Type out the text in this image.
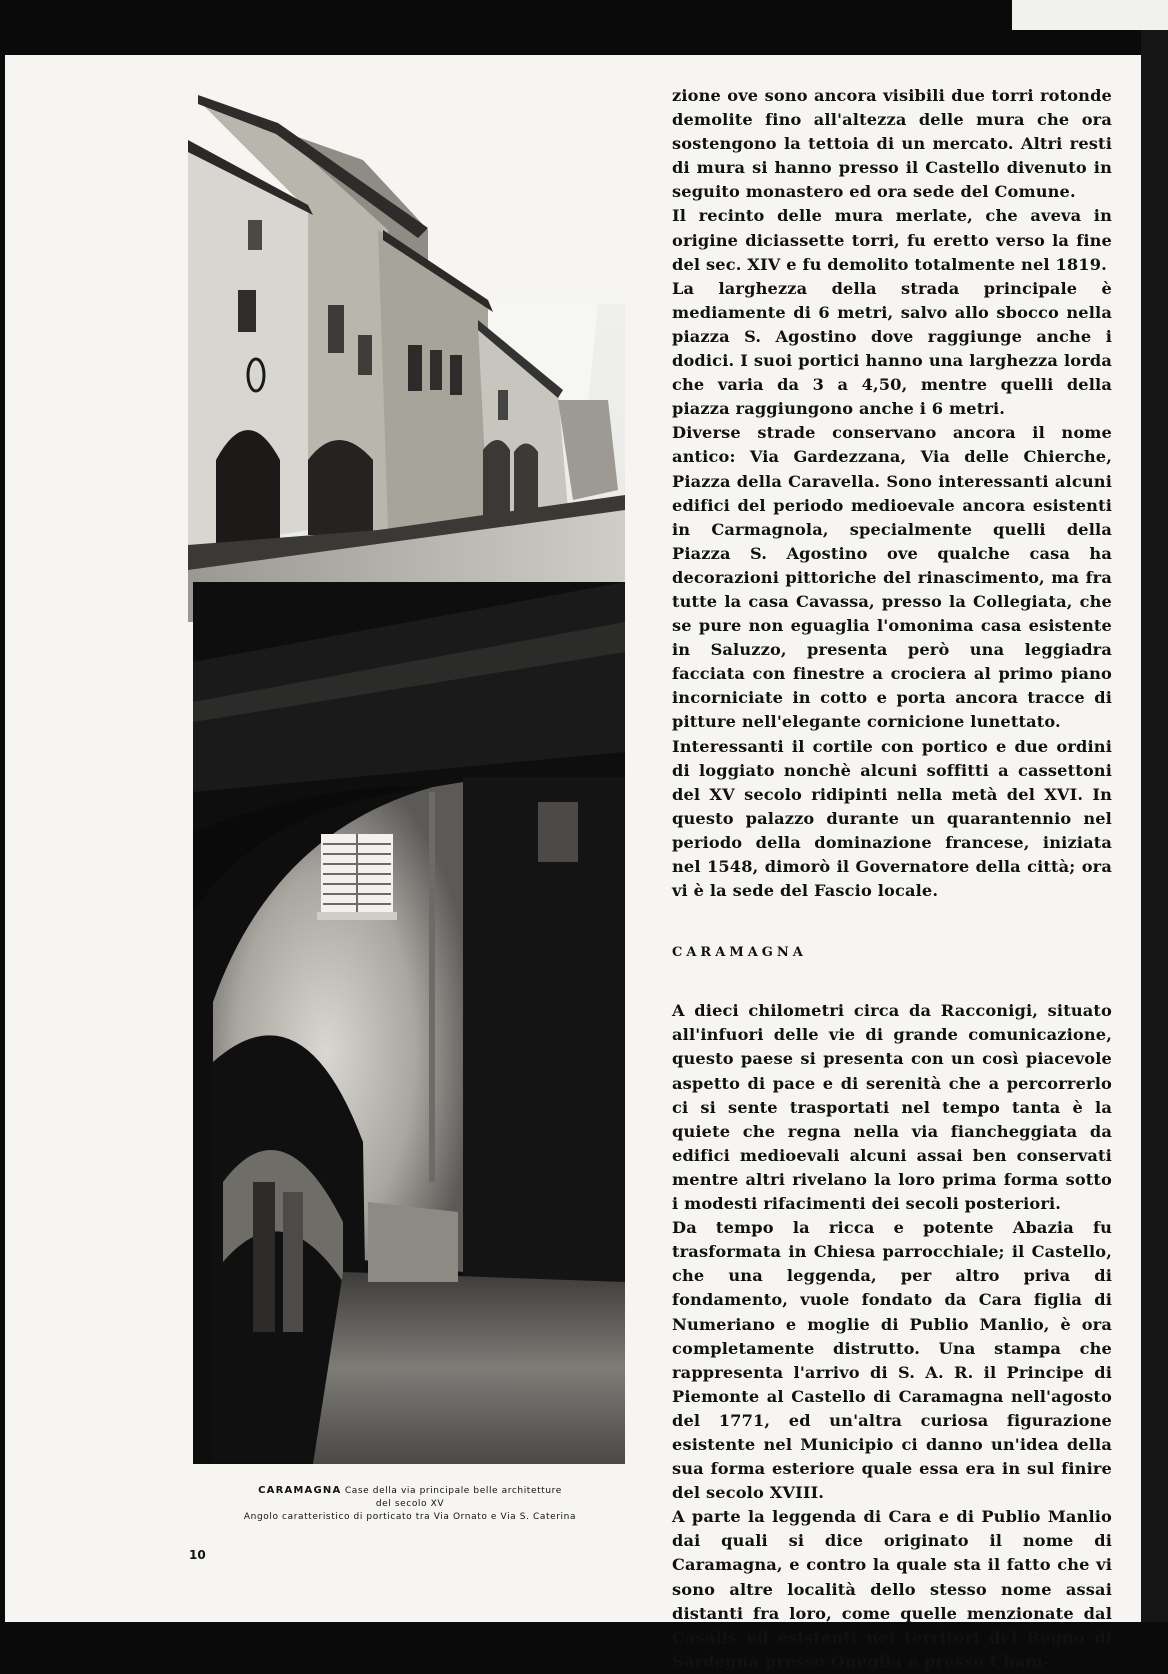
CARAMAGNA Case della via principale belle architetture
del secolo XV
Angolo caratteristico di porticato tra Via Ornato e Via S. Caterina
10

zione ove sono ancora visibili due torri rotonde demolite fino all'altezza delle mura che ora sostengono la tettoia di un mercato. Altri resti di mura si hanno presso il Castello divenuto in seguito monastero ed ora sede del Comune.

Il recinto delle mura merlate, che aveva in origine diciassette torri, fu eretto verso la fine del sec. XIV e fu demolito totalmente nel 1819.

La larghezza della strada principale è mediamente di 6 metri, salvo allo sbocco nella piazza S. Agostino dove raggiunge anche i dodici. I suoi portici hanno una larghezza lorda che varia da 3 a 4,50, mentre quelli della piazza raggiungono anche i 6 metri.

Diverse strade conservano ancora il nome antico: Via Gardezzana, Via delle Chierche, Piazza della Caravella. Sono interessanti alcuni edifici del periodo medioevale ancora esistenti in Carmagnola, specialmente quelli della Piazza S. Agostino ove qualche casa ha decorazioni pittoriche del rinascimento, ma fra tutte la casa Cavassa, presso la Collegiata, che se pure non eguaglia l'omonima casa esistente in Saluzzo, presenta però una leggiadra facciata con finestre a crociera al primo piano incorniciate in cotto e porta ancora tracce di pitture nell'elegante cornicione lunettato.

Interessanti il cortile con portico e due ordini di loggiato nonchè alcuni soffitti a cassettoni del XV secolo ridipinti nella metà del XVI. In questo palazzo durante un quarantennio nel periodo della dominazione francese, iniziata nel 1548, dimorò il Governatore della città; ora vi è la sede del Fascio locale.

CARAMAGNA

A dieci chilometri circa da Racconigi, situato all'infuori delle vie di grande comunicazione, questo paese si presenta con un così piacevole aspetto di pace e di serenità che a percorrerlo ci si sente trasportati nel tempo tanta è la quiete che regna nella via fiancheggiata da edifici medioevali alcuni assai ben conservati mentre altri rivelano la loro prima forma sotto i modesti rifacimenti dei secoli posteriori.

Da tempo la ricca e potente Abazia fu trasformata in Chiesa parrocchiale; il Castello, che una leggenda, per altro priva di fondamento, vuole fondato da Cara figlia di Numeriano e moglie di Publio Manlio, è ora completamente distrutto. Una stampa che rappresenta l'arrivo di S. A. R. il Principe di Piemonte al Castello di Caramagna nell'agosto del 1771, ed un'altra curiosa figurazione esistente nel Municipio ci danno un'idea della sua forma esteriore quale essa era in sul finire del secolo XVIII.

A parte la leggenda di Cara e di Publio Manlio dai quali si dice originato il nome di Caramagna, e contro la quale sta il fatto che vi sono altre località dello stesso nome assai distanti fra loro, come quelle menzionate dal Casalis ed esistenti nei territori del Regno di Sardegna presso Oneglia e presso Cham-
